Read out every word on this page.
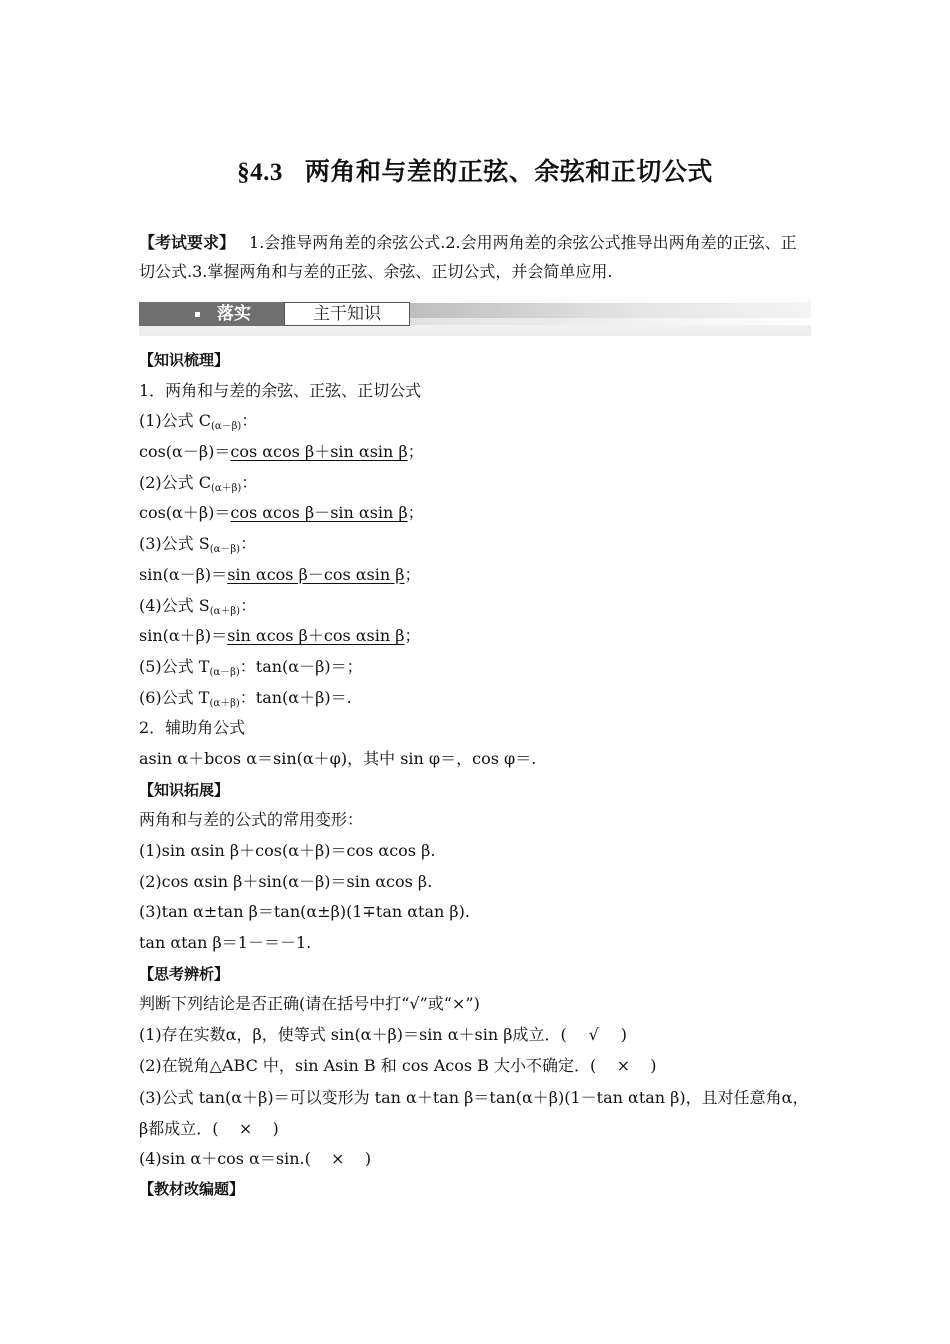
§4.3 两角和与差的正弦、余弦和正切公式
【考试要求】 1.会推导两角差的余弦公式.2.会用两角差的余弦公式推导出两角差的正弦、正切公式.3.掌握两角和与差的正弦、余弦、正切公式，并会简单应用.
落实	主干知识
【知识梳理】
1．两角和与差的余弦、正弦、正切公式
(1)公式 $C_{(\alpha-\beta)}$：
cos(α－β)＝cos αcos β＋sin αsin β；
(2)公式 $C_{(\alpha+\beta)}$：
cos(α＋β)＝cos αcos β－sin αsin β；
(3)公式 $S_{(\alpha-\beta)}$：
sin(α－β)＝sin αcos β－cos αsin β；
(4)公式 $S_{(\alpha+\beta)}$：
sin(α＋β)＝sin αcos β＋cos αsin β；
(5)公式 $T_{(\alpha-\beta)}$：tan(α－β)＝；
(6)公式 $T_{(\alpha+\beta)}$：tan(α＋β)＝.
2．辅助角公式
asin α＋bcos α＝sin(α＋φ)，其中 sin φ＝，cos φ＝.
【知识拓展】
两角和与差的公式的常用变形：
(1)sin αsin β＋cos(α＋β)＝cos αcos β.
(2)cos αsin β＋sin(α－β)＝sin αcos β.
(3)tan α±tan β＝tan(α±β)(1∓tan αtan β).
tan αtan β＝1－＝－1.
【思考辨析】
判断下列结论是否正确(请在括号中打“√”或“×”)
(1)存在实数α，β，使等式 sin(α＋β)＝sin α＋sin β成立．( √ )
(2)在锐角△ABC 中，sin Asin B 和 cos Acos B 大小不确定．( × )
(3)公式 tan(α＋β)＝可以变形为 tan α＋tan β＝tan(α＋β)(1－tan αtan β)，且对任意角α，β都成立．( × )
(4)sin α＋cos α＝sin.( × )
【教材改编题】
